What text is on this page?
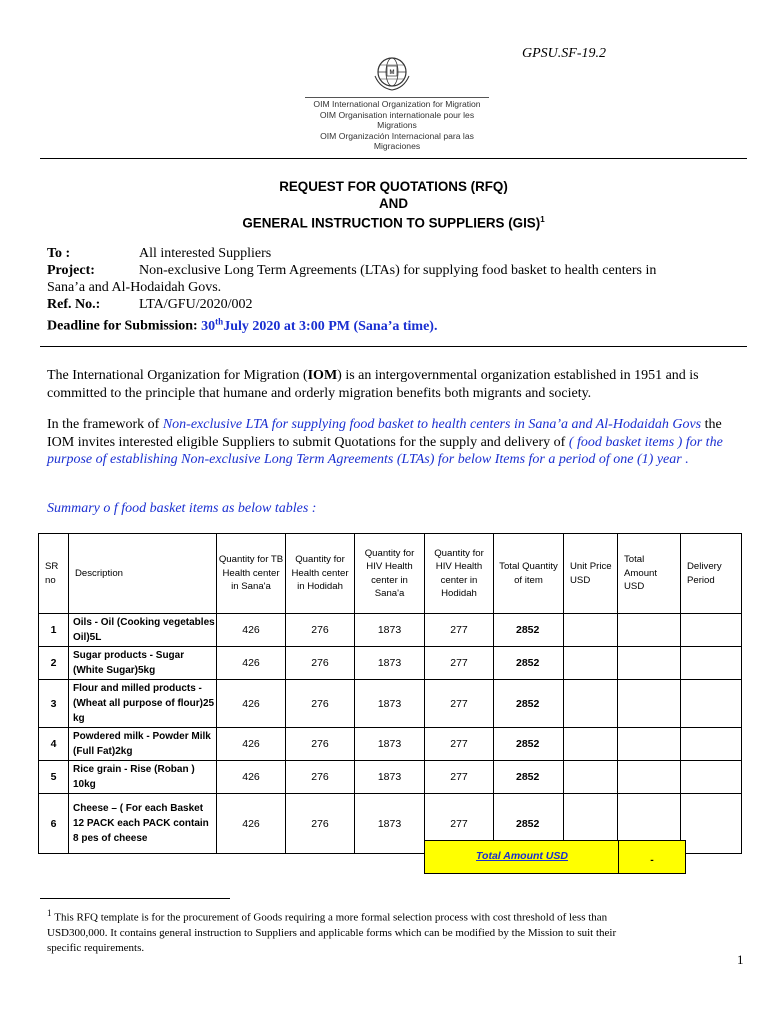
GPSU.SF-19.2
M
OIM International Organization for Migration
OIM Organisation internationale pour les Migrations
OIM Organización Internacional para las Migraciones
REQUEST FOR QUOTATIONS (RFQ)
AND
GENERAL INSTRUCTION TO SUPPLIERS (GIS)$^1$
To :	All interested Suppliers
Project:	Non-exclusive Long Term Agreements (LTAs) for supplying food basket to health centers in
Sana’a and Al-Hodaidah Govs.
Ref. No.:	LTA/GFU/2020/002
Deadline for Submission: 30thJuly 2020 at 3:00 PM (Sana’a time).
The International Organization for Migration (IOM) is an intergovernmental organization established in 1951 and is committed to the principle that humane and orderly migration benefits both migrants and society.
In the framework of Non-exclusive LTA for supplying food basket to health centers in Sana’a and Al-Hodaidah Govs the IOM invites interested eligible Suppliers to submit Quotations for the supply and delivery of ( food basket items ) for the purpose of establishing Non-exclusive Long Term Agreements (LTAs) for below Items for a period of one (1) year .
Summary o f food basket items as below tables :
SR no	Description	Quantity for TB Health center in Sana'a	Quantity for Health center in Hodidah	Quantity for HIV Health center in Sana'a	Quantity for HIV Health center in Hodidah	Total Quantity of item	Unit Price USD	Total Amount USD	Delivery Period
1	Oils - Oil (Cooking vegetables Oil)5L	426	276	1873	277	2852			
2	Sugar products - Sugar (White Sugar)5kg	426	276	1873	277	2852			
3	Flour and milled products - (Wheat all purpose of flour)25 kg	426	276	1873	277	2852			
4	Powdered milk - Powder Milk (Full Fat)2kg	426	276	1873	277	2852			
5	Rice grain - Rise (Roban ) 10kg	426	276	1873	277	2852			
6	Cheese – ( For each Basket 12 PACK each PACK contain 8 pes of cheese	426	276	1873	277	2852			
Total Amount USD	-
$^1$ This RFQ template is for the procurement of Goods requiring a more formal selection process with cost threshold of less than USD300,000. It contains general instruction to Suppliers and applicable forms which can be modified by the Mission to suit their specific requirements.
1
